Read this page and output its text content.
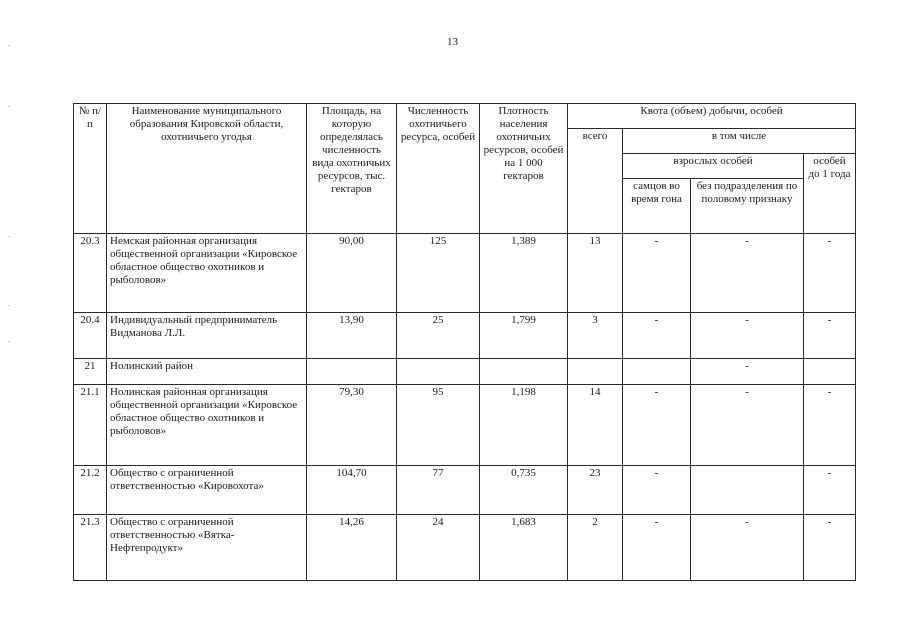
13
.
.
.
.
.
№ п/п	Наименование муниципального образования Кировской области, охотничьего угодья	Площадь, на которую определялась численность вида охотничьих ресурсов, тыс. гектаров	Численность охотничьего ресурса, особей	Плотность населения охотничьих ресурсов, особей на 1 000 гектаров	Квота (объем) добычи, особей			
					всего	в том числе		
						взрослых особей		особей до 1 года
						самцов во время гона	без подразделения по половому признаку	
20.3	Немская районная организация общественной организации «Кировское областное общество охотников и рыболовов»	90,00	125	1,389	13	-	-	-
20.4	Индивидуальный предприниматель Видманова Л.Л.	13,90	25	1,799	3	-	-	-
21	Нолинский район						-	
21.1	Нолинская районная организация общественной организации «Кировское областное общество охотников и рыболовов»	79,30	95	1,198	14	-	-	-
21.2	Общество с ограниченной ответственностью «Кировохота»	104,70	77	0,735	23	-		-
21.3	Общество с ограниченной ответственностью «Вятка-Нефтепродукт»	14,26	24	1,683	2	-	-	-
